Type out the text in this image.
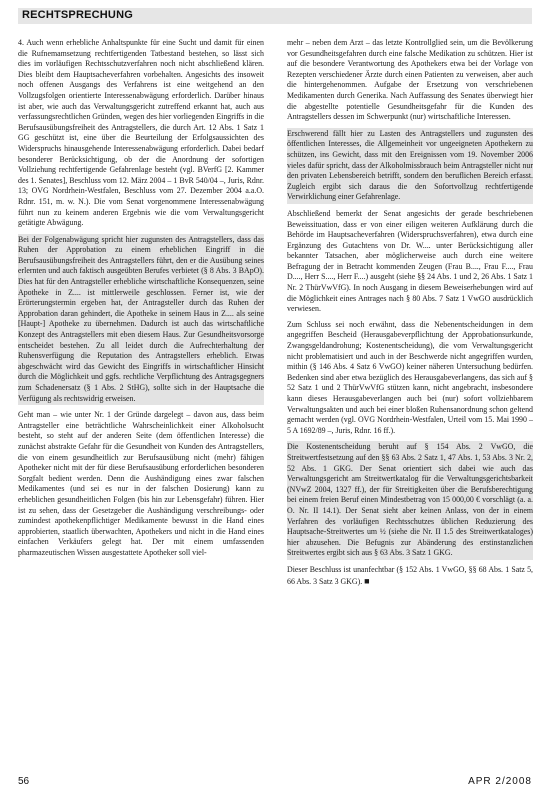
RECHTSPRECHUNG

4. Auch wenn erhebliche Anhaltspunkte für eine Sucht und damit für einen die Rufnemamsetzung rechtfertigenden Tatbestand bestehen, so lässt sich dies im vorläufigen Rechtsschutzverfahren noch nicht abschließend klären. Dies bleibt dem Hauptsacheverfahren vorbehalten. Angesichts des insoweit noch offenen Ausgangs des Verfahrens ist eine weitgehend an den Vollzugsfolgen orientierte Interessenabwägung erforderlich. Darüber hinaus ist aber, wie auch das Verwaltungsgericht zutreffend erkannt hat, auch aus verfassungsrechtlichen Gründen, wegen des hier vorliegenden Eingriffs in die Berufsausübungsfreiheit des Antragstellers, die durch Art. 12 Abs. 1 Satz 1 GG geschützt ist, eine über die Beurteilung der Erfolgsaussichten des Widerspruchs hinausgehende Interessenabwägung erforderlich. Dabei bedarf besonderer Berücksichtigung, ob der die Anordnung der sofortigen Vollziehung rechtfertigende Gefahrenlage besteht (vgl. BVerfG [2. Kammer des 1. Senates], Beschluss vom 12. März 2004 – 1 BvR 540/04 –, Juris, Rdnr. 13; OVG Nordrhein-Westfalen, Beschluss vom 27. Dezember 2004 a.a.O. Rdnr. 151, m. w. N.). Die vom Senat vorgenommene Interessenabwägung führt nun zu keinem anderen Ergebnis wie die vom Verwaltungsgericht getätigte Abwägung.

Bei der Folgenabwägung spricht hier zugunsten des Antragstellers, dass das Ruhen der Approbation zu einem erheblichen Eingriff in die Berufsausübungsfreiheit des Antragstellers führt, den er die Ausübung seines erlernten und auch faktisch ausgeübten Berufes verbietet (§ 8 Abs. 3 BApO). Dies hat für den Antragsteller erhebliche wirtschaftliche Konsequenzen, seine Apotheke in Z.... ist mittlerweile geschlossen. Ferner ist, wie der Erörterungstermin ergeben hat, der Antragsteller durch das Ruhen der Approbation daran gehindert, die Apotheke in seinem Haus in Z.... als seine [Haupt-] Apotheke zu übernehmen. Dadurch ist auch das wirtschaftliche Konzept des Antragstellers mit eben diesem Haus. Zur Gesundheitsvorsorge entscheidet bestehen. Zu all leidet durch die Aufrechterhaltung der Ruhensverfügung die Reputation des Antragstellers erheblich. Etwas abgeschwächt wird das Gewicht des Eingriffs in wirtschaftlicher Hinsicht durch die Möglichkeit und ggfs. rechtliche Verpflichtung des Antragsgegners zum Schadenersatz (§ 1 Abs. 2 StHG), sollte sich in der Hauptsache die Verfügung als rechtswidrig erweisen.

Geht man – wie unter Nr. 1 der Gründe dargelegt – davon aus, dass beim Antragsteller eine beträchtliche Wahrscheinlichkeit einer Alkoholsucht besteht, so steht auf der anderen Seite (dem öffentlichen Interesse) die zunächst abstrakte Gefahr für die Gesundheit von Kunden des Antragstellers, die von einem gesundheitlich zur Berufsausübung nicht (mehr) fähigen Apotheker nicht mit der für diese Berufsausübung erforderlichen besonderen Sorgfalt bedient werden. Denn die Aushändigung eines zwar falschen Medikamentes (und sei es nur in der falschen Dosierung) kann zu erheblichen gesundheitlichen Folgen (bis hin zur Lebensgefahr) führen. Hier ist zu sehen, dass der Gesetzgeber die Aushändigung verschreibungs- oder zumindest apothekenpflichtiger Medikamente bewusst in die Hand eines approbierten, staatlich überwachten, Apothekers und nicht in die Hand eines einfachen Verkäufers gelegt hat. Der mit einem umfassenden pharmazeutischen Wissen ausgestattete Apotheker soll viel-

mehr – neben dem Arzt – das letzte Kontrollglied sein, um die Bevölkerung vor Gesundheitsgefahren durch eine falsche Medikation zu schützen. Hier ist auf die besondere Verantwortung des Apothekers etwa bei der Vorlage von Rezepten verschiedener Ärzte durch einen Patienten zu verweisen, aber auch die hintergehenommen. Aufgabe der Ersetzung von verschriebenen Medikamenten durch Generika. Nach Auffassung des Senates überwiegt hier die abgestellte potentielle Gesundheitsgefahr für die Kunden des Antragstellers dessen im Schwerpunkt (nur) wirtschaftliche Interessen.

Erschwerend fällt hier zu Lasten des Antragstellers und zugunsten des öffentlichen Interesses, die Allgemeinheit vor ungeeigneten Apothekern zu schützen, ins Gewicht, dass mit den Ereignissen vom 19. November 2006 vieles dafür spricht, dass der Alkoholmissbrauch beim Antragsteller nicht nur den privaten Lebensbereich betrifft, sondern den beruflichen Bereich erfasst. Zugleich ergibt sich daraus die den Sofortvollzug rechtfertigende Verwirklichung einer Gefahrenlage.

Abschließend bemerkt der Senat angesichts der gerade beschriebenen Beweissituation, dass er von einer eiligen weiteren Aufklärung durch die Behörde im Hauptsacheverfahren (Widerspruchsverfahren), etwa durch eine Ergänzung des Gutachtens von Dr. W.... unter Berücksichtigung aller bekannter Tatsachen, aber möglicherweise auch durch eine weitere Befragung der in Betracht kommenden Zeugen (Frau B...., Frau F...., Frau D...., Herr S...., Herr F....) ausgeht (siehe §§ 24 Abs. 1 und 2, 26 Abs. 1 Satz 1 Nr. 2 ThürVwVfG). In noch Ausgang in diesem Beweiserhebungen wird auf die Möglichkeit eines Antrages nach § 80 Abs. 7 Satz 1 VwGO ausdrücklich verwiesen.

Zum Schluss sei noch erwähnt, dass die Nebenentscheidungen in dem angegriffen Bescheid (Herausgabeverpflichtung der Approbationsurkunde, Zwangsgeldandrohung; Kostenentscheidung), die vom Verwaltungsgericht nicht problematisiert und auch in der Beschwerde nicht angegriffen wurden, mithin (§ 146 Abs. 4 Satz 6 VwGO) keiner näheren Untersuchung bedürfen. Bedenken sind aber etwa bezüglich des Herausgabeverlangens, das sich auf § 52 Satz 1 und 2 ThürVwVfG stützen kann, nicht angebracht, insbesondere kann dieses Herausgabeverlangen auch bei (nur) sofort vollziehbarem Verwaltungsakten und auch bei einer bloßen Ruhensanordnung schon geltend gemacht werden (vgl. OVG Nordrhein-Westfalen, Urteil vom 15. Mai 1990 – 5 A 1692/89 –, Juris, Rdnr. 16 ff.).

Die Kostenentscheidung beruht auf § 154 Abs. 2 VwGO, die Streitwertfestsetzung auf den §§ 63 Abs. 2 Satz 1, 47 Abs. 1, 53 Abs. 3 Nr. 2, 52 Abs. 1 GKG. Der Senat orientiert sich dabei wie auch das Verwaltungsgericht am Streitwertkatalog für die Verwaltungsgerichtsbarkeit (NVwZ 2004, 1327 ff.), der für Streitigkeiten über die Berufsberechtigung bei einem freien Beruf einen Mindestbetrag von 15 000,00 € vorschlägt (a. a. O. Nr. II 14.1). Der Senat sieht aber keinen Anlass, von der in einem Verfahren des vorläufigen Rechtsschutzes üblichen Reduzierung des Hauptsache-Streitwertes um ½ (siehe die Nr. II 1.5 des Streitwertkataloges) hier abzusehen. Die Befugnis zur Abänderung des erstinstanzlichen Streitwertes ergibt sich aus § 63 Abs. 3 Satz 1 GKG.

Dieser Beschluss ist unanfechtbar (§ 152 Abs. 1 VwGO, §§ 68 Abs. 1 Satz 5, 66 Abs. 3 Satz 3 GKG). ■

56	APR 2/2008
